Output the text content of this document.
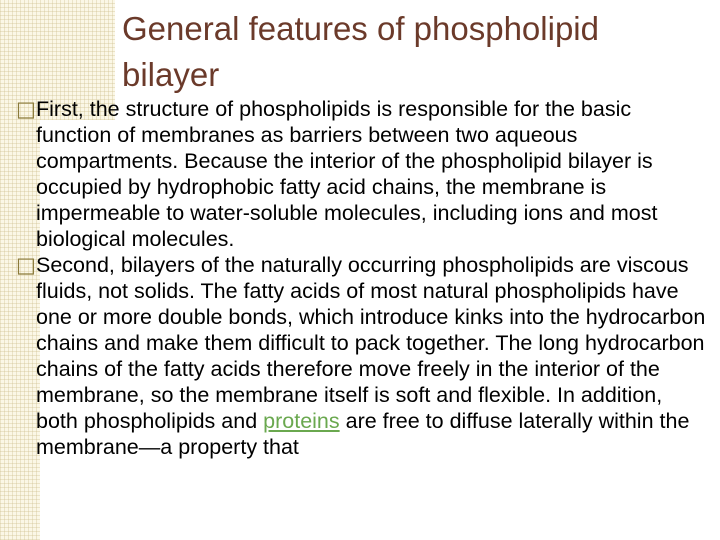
General features of phospholipid bilayer

□ First, the structure of phospholipids is responsible for the basic function of membranes as barriers between two aqueous compartments. Because the interior of the phospholipid bilayer is occupied by hydrophobic fatty acid chains, the membrane is impermeable to water-soluble molecules, including ions and most biological molecules.

□ Second, bilayers of the naturally occurring phospholipids are viscous fluids, not solids. The fatty acids of most natural phospholipids have one or more double bonds, which introduce kinks into the hydrocarbon chains and make them difficult to pack together. The long hydrocarbon chains of the fatty acids therefore move freely in the interior of the membrane, so the membrane itself is soft and flexible. In addition, both phospholipids and proteins are free to diffuse laterally within the membrane—a property that
